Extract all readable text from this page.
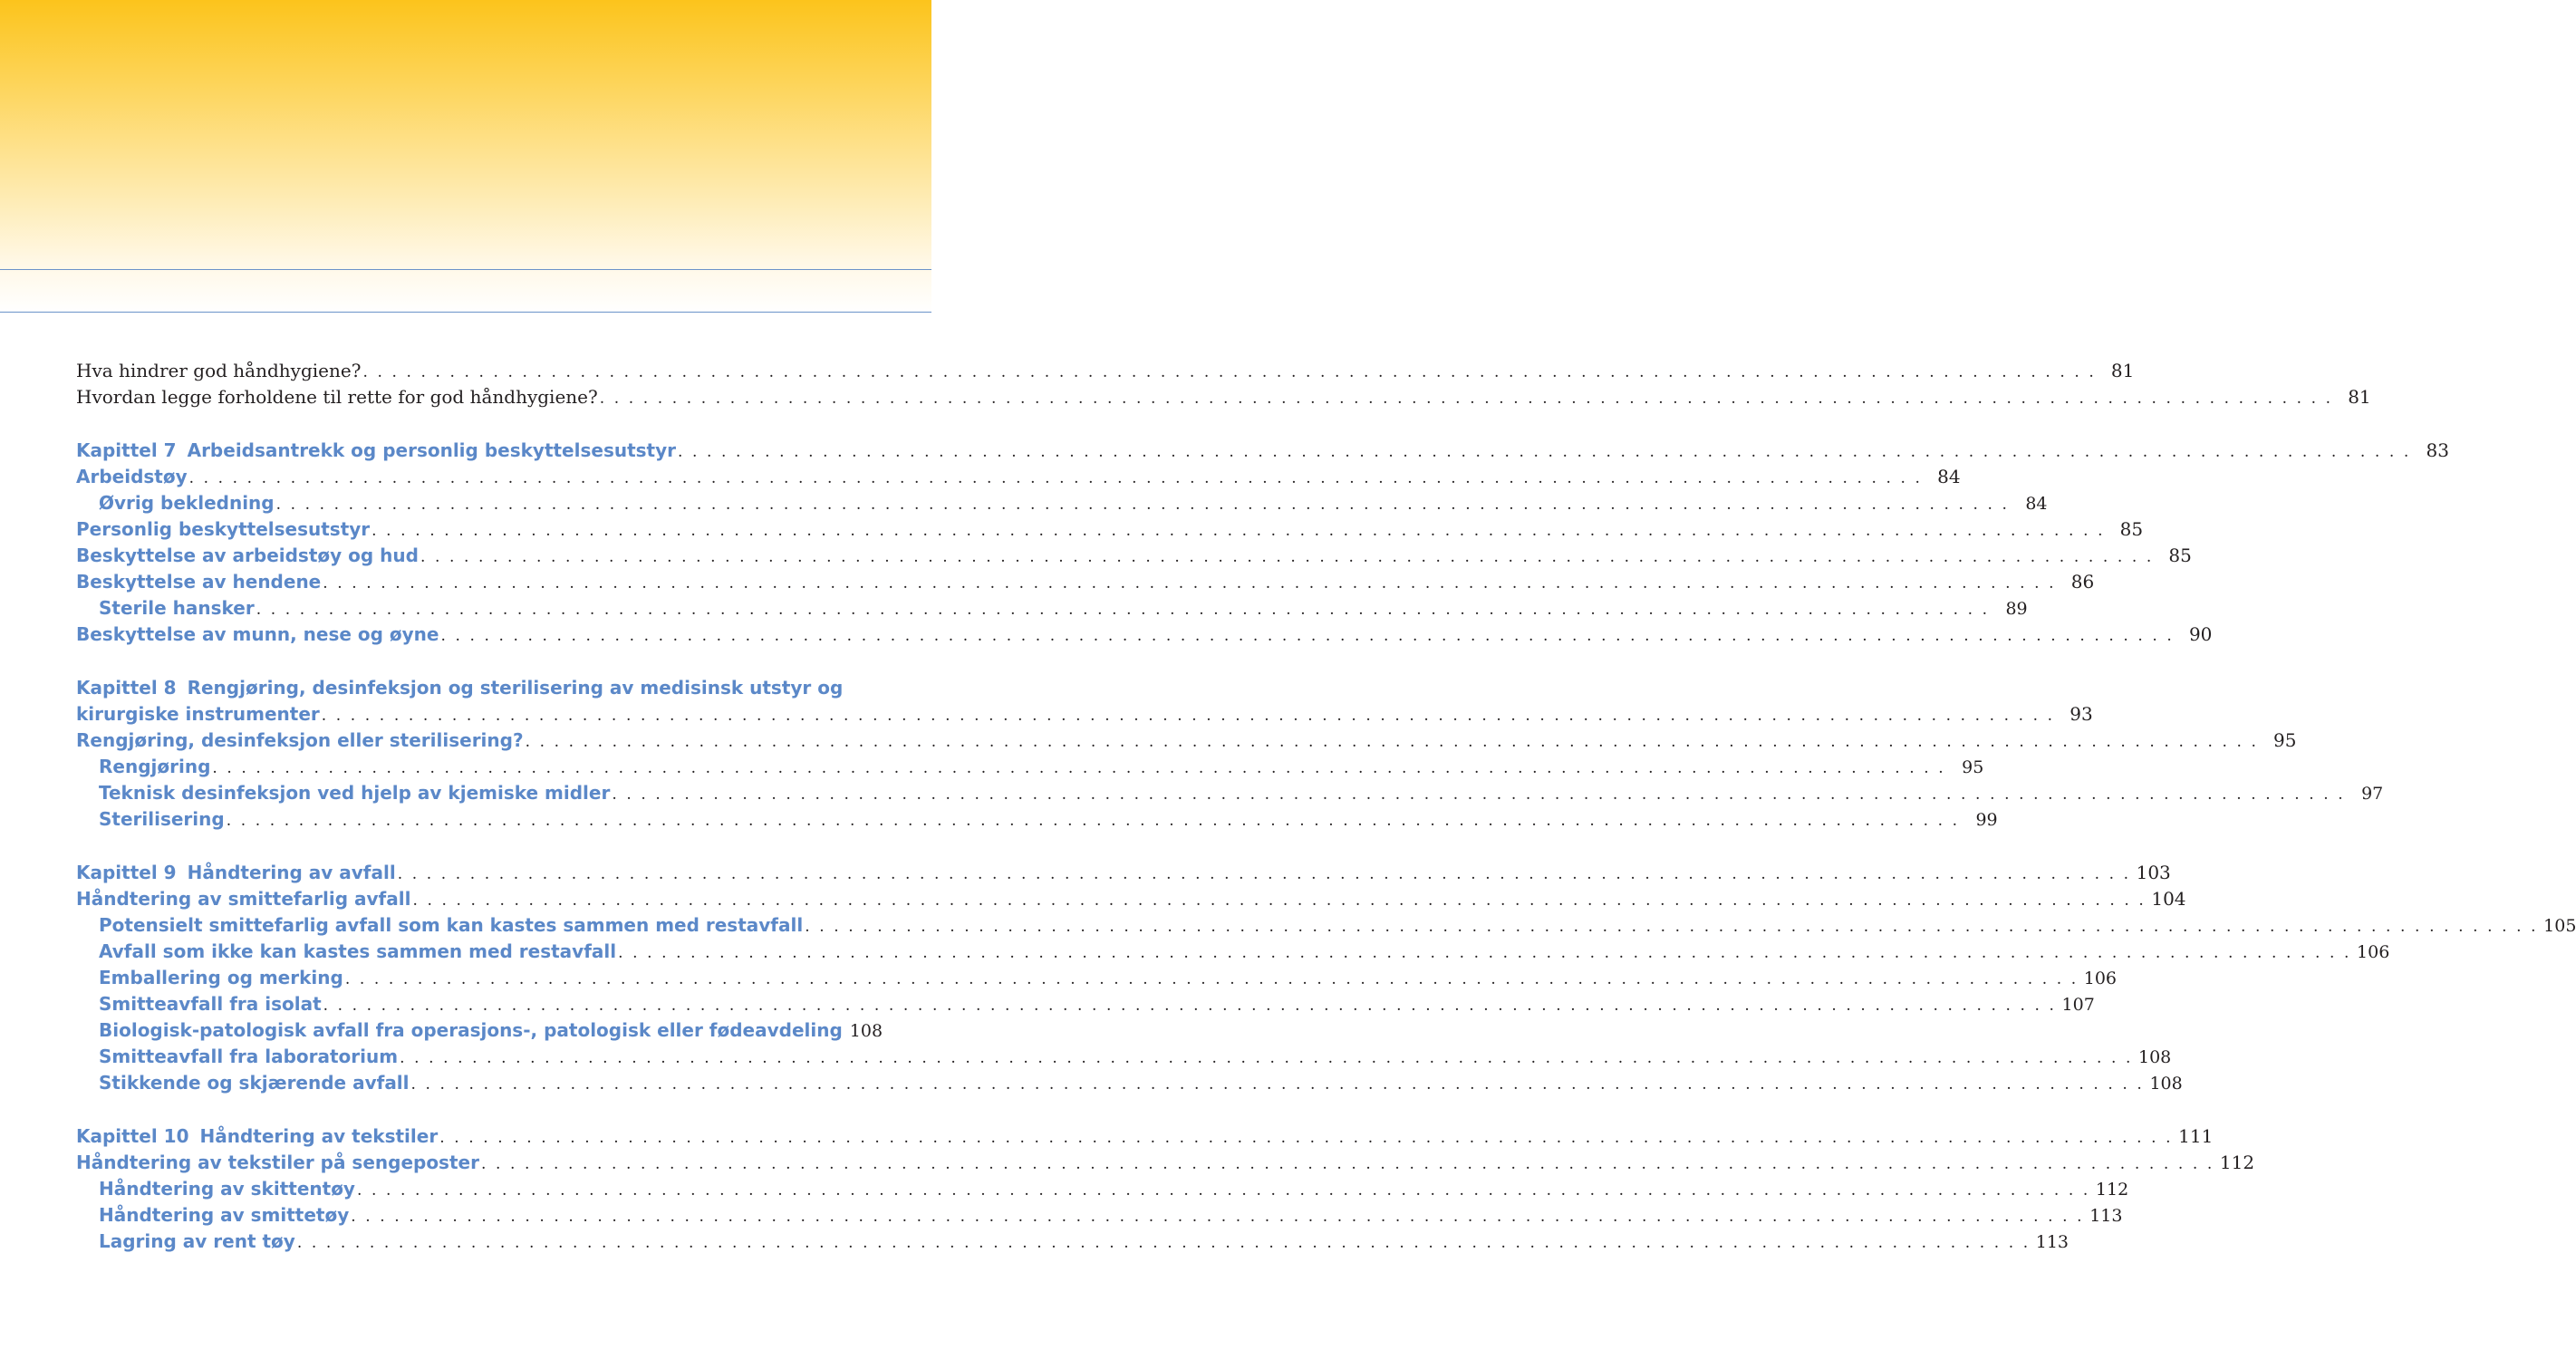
Hva hindrer god håndhygiene? . . . . . . . . . . . . . . . . . . . . . . . . . . . . . . . . . . . . . . . . . . . . . . . . . . . . . . . . . . . . . . . . . . . . . . . . . . . . . . . . . . . . . . . . . . . . . . . . . . . . . . . . . . . . . . . . . . . . . . . . 81
Hvordan legge forholdene til rette for god håndhygiene? . . . . . . . . . . . . . . . . . . . . . . . . . . . . . . . . . . . . . . . . . . . . . . . . . . . . . . . . . . . . . . . . . . . . . . . . . . . . . . . . . . . . . . . . . . . . . . . . . . . . . . . . . . . . . . . . . . . . . . . . 81
Kapittel 7 Arbeidsantrekk og personlig beskyttelsesutstyr . . . . . . . . . . . . . . . . . . . . . . . . . . . . . . . . . . . . . . . . . . . . . . . . . . . . . . . . . . . . . . . . . . . . . . . . . . . . . . . . . . . . . . . . . . . . . . . . . . . . . . . . . . . . . . . . . . . . . . . . 83
Arbeidstøy . . . . . . . . . . . . . . . . . . . . . . . . . . . . . . . . . . . . . . . . . . . . . . . . . . . . . . . . . . . . . . . . . . . . . . . . . . . . . . . . . . . . . . . . . . . . . . . . . . . . . . . . . . . . . . . . . . . . . . . . 84
Øvrig bekledning . . . . . . . . . . . . . . . . . . . . . . . . . . . . . . . . . . . . . . . . . . . . . . . . . . . . . . . . . . . . . . . . . . . . . . . . . . . . . . . . . . . . . . . . . . . . . . . . . . . . . . . . . . . . . . . . . . . . . . . . 84
Personlig beskyttelsesutstyr . . . . . . . . . . . . . . . . . . . . . . . . . . . . . . . . . . . . . . . . . . . . . . . . . . . . . . . . . . . . . . . . . . . . . . . . . . . . . . . . . . . . . . . . . . . . . . . . . . . . . . . . . . . . . . . . . . . . . . . . 85
Beskyttelse av arbeidstøy og hud . . . . . . . . . . . . . . . . . . . . . . . . . . . . . . . . . . . . . . . . . . . . . . . . . . . . . . . . . . . . . . . . . . . . . . . . . . . . . . . . . . . . . . . . . . . . . . . . . . . . . . . . . . . . . . . . . . . . . . . . 85
Beskyttelse av hendene . . . . . . . . . . . . . . . . . . . . . . . . . . . . . . . . . . . . . . . . . . . . . . . . . . . . . . . . . . . . . . . . . . . . . . . . . . . . . . . . . . . . . . . . . . . . . . . . . . . . . . . . . . . . . . . . . . . . . . . . 86
Sterile hansker . . . . . . . . . . . . . . . . . . . . . . . . . . . . . . . . . . . . . . . . . . . . . . . . . . . . . . . . . . . . . . . . . . . . . . . . . . . . . . . . . . . . . . . . . . . . . . . . . . . . . . . . . . . . . . . . . . . . . . . . 89
Beskyttelse av munn, nese og øyne . . . . . . . . . . . . . . . . . . . . . . . . . . . . . . . . . . . . . . . . . . . . . . . . . . . . . . . . . . . . . . . . . . . . . . . . . . . . . . . . . . . . . . . . . . . . . . . . . . . . . . . . . . . . . . . . . . . . . . . . 90
Kapittel 8 Rengjøring, desinfeksjon og sterilisering av medisinsk utstyr og
kirurgiske instrumenter . . . . . . . . . . . . . . . . . . . . . . . . . . . . . . . . . . . . . . . . . . . . . . . . . . . . . . . . . . . . . . . . . . . . . . . . . . . . . . . . . . . . . . . . . . . . . . . . . . . . . . . . . . . . . . . . . . . . . . . . 93
Rengjøring, desinfeksjon eller sterilisering? . . . . . . . . . . . . . . . . . . . . . . . . . . . . . . . . . . . . . . . . . . . . . . . . . . . . . . . . . . . . . . . . . . . . . . . . . . . . . . . . . . . . . . . . . . . . . . . . . . . . . . . . . . . . . . . . . . . . . . . . 95
Rengjøring . . . . . . . . . . . . . . . . . . . . . . . . . . . . . . . . . . . . . . . . . . . . . . . . . . . . . . . . . . . . . . . . . . . . . . . . . . . . . . . . . . . . . . . . . . . . . . . . . . . . . . . . . . . . . . . . . . . . . . . . 95
Teknisk desinfeksjon ved hjelp av kjemiske midler . . . . . . . . . . . . . . . . . . . . . . . . . . . . . . . . . . . . . . . . . . . . . . . . . . . . . . . . . . . . . . . . . . . . . . . . . . . . . . . . . . . . . . . . . . . . . . . . . . . . . . . . . . . . . . . . . . . . . . . . 97
Sterilisering . . . . . . . . . . . . . . . . . . . . . . . . . . . . . . . . . . . . . . . . . . . . . . . . . . . . . . . . . . . . . . . . . . . . . . . . . . . . . . . . . . . . . . . . . . . . . . . . . . . . . . . . . . . . . . . . . . . . . . . . 99
Kapittel 9 Håndtering av avfall . . . . . . . . . . . . . . . . . . . . . . . . . . . . . . . . . . . . . . . . . . . . . . . . . . . . . . . . . . . . . . . . . . . . . . . . . . . . . . . . . . . . . . . . . . . . . . . . . . . . . . . . . . . . . . . . . . . . . . . . 103
Håndtering av smittefarlig avfall . . . . . . . . . . . . . . . . . . . . . . . . . . . . . . . . . . . . . . . . . . . . . . . . . . . . . . . . . . . . . . . . . . . . . . . . . . . . . . . . . . . . . . . . . . . . . . . . . . . . . . . . . . . . . . . . . . . . . . . . 104
Potensielt smittefarlig avfall som kan kastes sammen med restavfall . . . . . . . . . . . . . . . . . . . . . . . . . . . . . . . . . . . . . . . . . . . . . . . . . . . . . . . . . . . . . . . . . . . . . . . . . . . . . . . . . . . . . . . . . . . . . . . . . . . . . . . . . . . . . . . . . . . . . . . . 105
Avfall som ikke kan kastes sammen med restavfall . . . . . . . . . . . . . . . . . . . . . . . . . . . . . . . . . . . . . . . . . . . . . . . . . . . . . . . . . . . . . . . . . . . . . . . . . . . . . . . . . . . . . . . . . . . . . . . . . . . . . . . . . . . . . . . . . . . . . . . . 106
Emballering og merking . . . . . . . . . . . . . . . . . . . . . . . . . . . . . . . . . . . . . . . . . . . . . . . . . . . . . . . . . . . . . . . . . . . . . . . . . . . . . . . . . . . . . . . . . . . . . . . . . . . . . . . . . . . . . . . . . . . . . . . . 106
Smitteavfall fra isolat . . . . . . . . . . . . . . . . . . . . . . . . . . . . . . . . . . . . . . . . . . . . . . . . . . . . . . . . . . . . . . . . . . . . . . . . . . . . . . . . . . . . . . . . . . . . . . . . . . . . . . . . . . . . . . . . . . . . . . . . 107
Biologisk-patologisk avfall fra operasjons-, patologisk eller fødeavdeling 108
Smitteavfall fra laboratorium . . . . . . . . . . . . . . . . . . . . . . . . . . . . . . . . . . . . . . . . . . . . . . . . . . . . . . . . . . . . . . . . . . . . . . . . . . . . . . . . . . . . . . . . . . . . . . . . . . . . . . . . . . . . . . . . . . . . . . . . 108
Stikkende og skjærende avfall . . . . . . . . . . . . . . . . . . . . . . . . . . . . . . . . . . . . . . . . . . . . . . . . . . . . . . . . . . . . . . . . . . . . . . . . . . . . . . . . . . . . . . . . . . . . . . . . . . . . . . . . . . . . . . . . . . . . . . . . 108
Kapittel 10 Håndtering av tekstiler . . . . . . . . . . . . . . . . . . . . . . . . . . . . . . . . . . . . . . . . . . . . . . . . . . . . . . . . . . . . . . . . . . . . . . . . . . . . . . . . . . . . . . . . . . . . . . . . . . . . . . . . . . . . . . . . . . . . . . . . 111
Håndtering av tekstiler på sengeposter . . . . . . . . . . . . . . . . . . . . . . . . . . . . . . . . . . . . . . . . . . . . . . . . . . . . . . . . . . . . . . . . . . . . . . . . . . . . . . . . . . . . . . . . . . . . . . . . . . . . . . . . . . . . . . . . . . . . . . . . 112
Håndtering av skittentøy . . . . . . . . . . . . . . . . . . . . . . . . . . . . . . . . . . . . . . . . . . . . . . . . . . . . . . . . . . . . . . . . . . . . . . . . . . . . . . . . . . . . . . . . . . . . . . . . . . . . . . . . . . . . . . . . . . . . . . . . 112
Håndtering av smittetøy . . . . . . . . . . . . . . . . . . . . . . . . . . . . . . . . . . . . . . . . . . . . . . . . . . . . . . . . . . . . . . . . . . . . . . . . . . . . . . . . . . . . . . . . . . . . . . . . . . . . . . . . . . . . . . . . . . . . . . . . 113
Lagring av rent tøy . . . . . . . . . . . . . . . . . . . . . . . . . . . . . . . . . . . . . . . . . . . . . . . . . . . . . . . . . . . . . . . . . . . . . . . . . . . . . . . . . . . . . . . . . . . . . . . . . . . . . . . . . . . . . . . . . . . . . . . . 113
